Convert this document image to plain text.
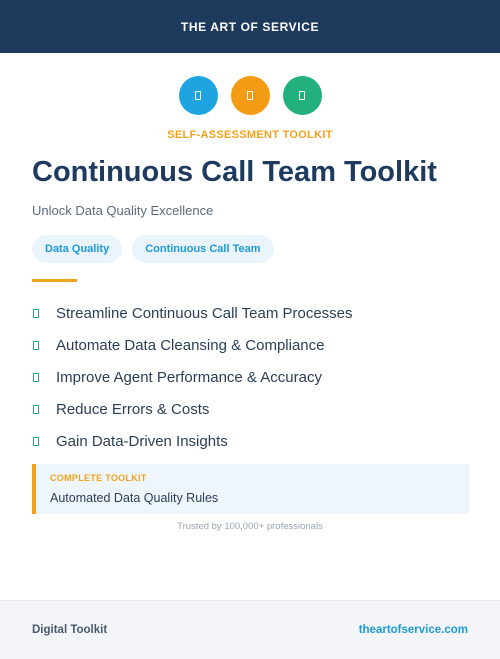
THE ART OF SERVICE
SELF-ASSESSMENT TOOLKIT
Continuous Call Team Toolkit
Unlock Data Quality Excellence
Data Quality	Continuous Call Team
Streamline Continuous Call Team Processes
Automate Data Cleansing & Compliance
Improve Agent Performance & Accuracy
Reduce Errors & Costs
Gain Data-Driven Insights
COMPLETE TOOLKIT
Automated Data Quality Rules
Trusted by 100,000+ professionals
Digital Toolkit	theartofservice.com
